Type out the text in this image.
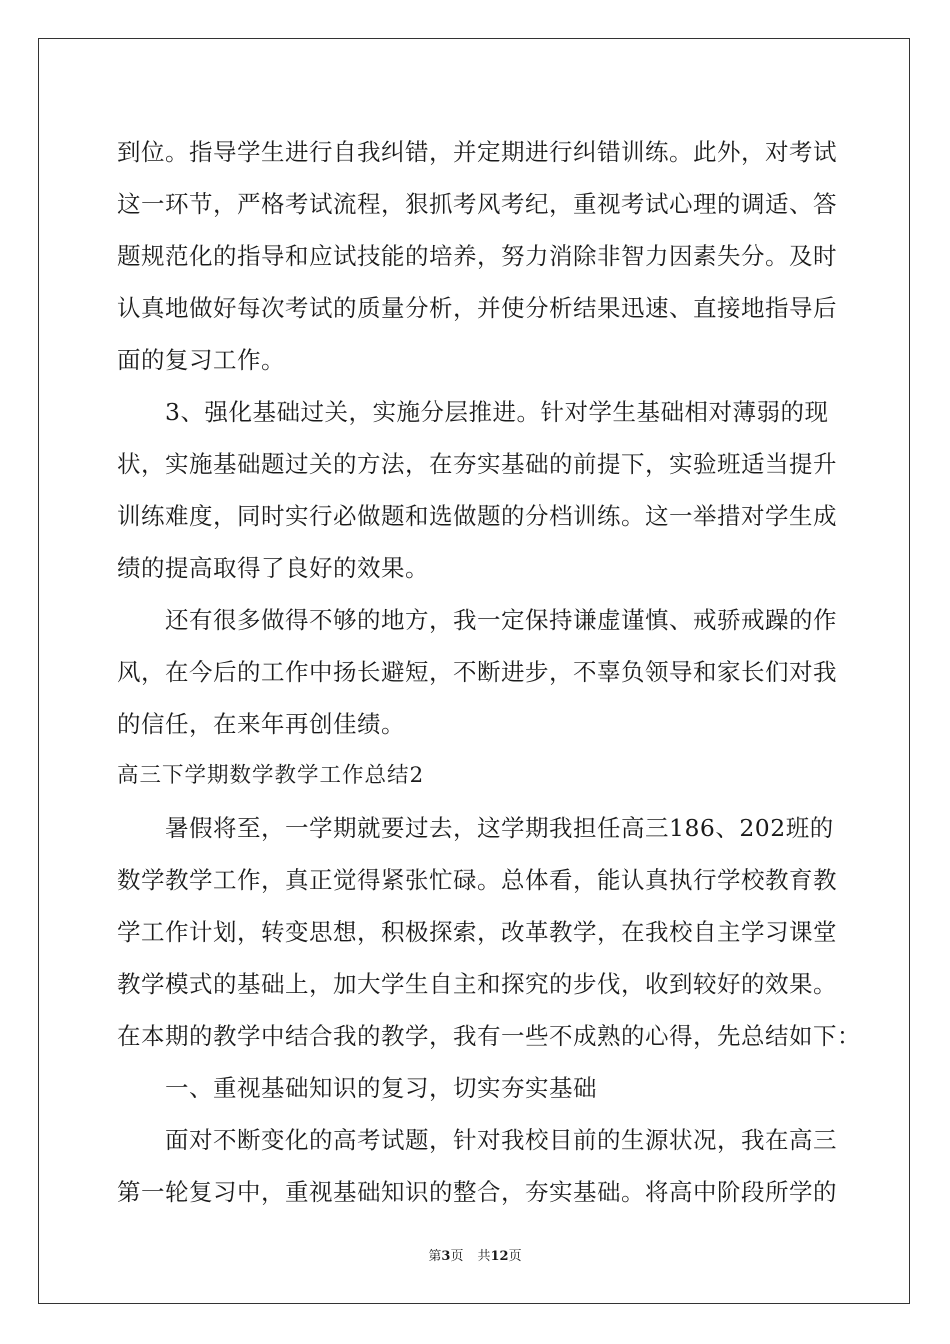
到位。指导学生进行自我纠错，并定期进行纠错训练。此外，对考试
这一环节，严格考试流程，狠抓考风考纪，重视考试心理的调适、答
题规范化的指导和应试技能的培养，努力消除非智力因素失分。及时
认真地做好每次考试的质量分析，并使分析结果迅速、直接地指导后
面的复习工作。
3、强化基础过关，实施分层推进。针对学生基础相对薄弱的现
状，实施基础题过关的方法，在夯实基础的前提下，实验班适当提升
训练难度，同时实行必做题和选做题的分档训练。这一举措对学生成
绩的提高取得了良好的效果。
还有很多做得不够的地方，我一定保持谦虚谨慎、戒骄戒躁的作
风，在今后的工作中扬长避短，不断进步，不辜负领导和家长们对我
的信任，在来年再创佳绩。
高三下学期数学教学工作总结2
暑假将至，一学期就要过去，这学期我担任高三186、202班的
数学教学工作，真正觉得紧张忙碌。总体看，能认真执行学校教育教
学工作计划，转变思想，积极探索，改革教学，在我校自主学习课堂
教学模式的基础上，加大学生自主和探究的步伐，收到较好的效果。
在本期的教学中结合我的教学，我有一些不成熟的心得，先总结如下：
一、重视基础知识的复习，切实夯实基础
面对不断变化的高考试题，针对我校目前的生源状况，我在高三
第一轮复习中，重视基础知识的整合，夯实基础。将高中阶段所学的
第3页 共12页
